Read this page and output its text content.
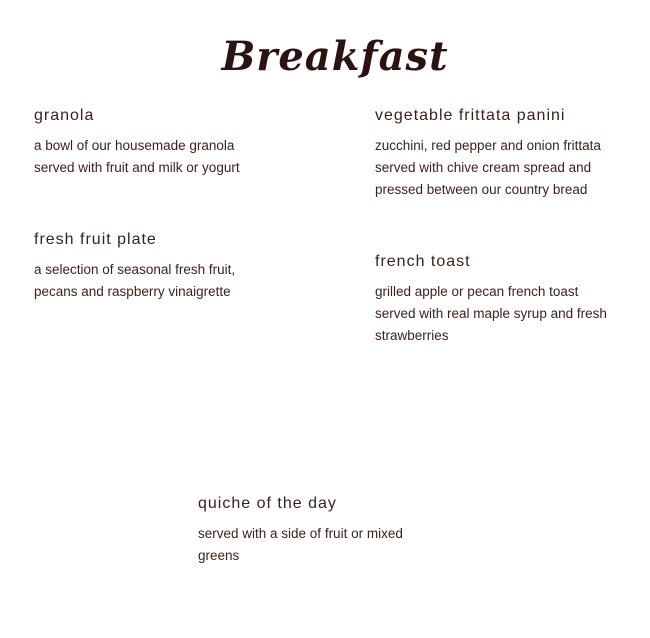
Breakfast
granola
a bowl of our housemade granola
served with fruit and milk or yogurt
vegetable frittata panini
zucchini, red pepper and onion frittata
served with chive cream spread and
pressed between our country bread
fresh fruit plate
a selection of seasonal fresh fruit,
pecans and raspberry vinaigrette
french toast
grilled apple or pecan french toast
served with real maple syrup and fresh
strawberries
quiche of the day
served with a side of fruit or mixed
greens
